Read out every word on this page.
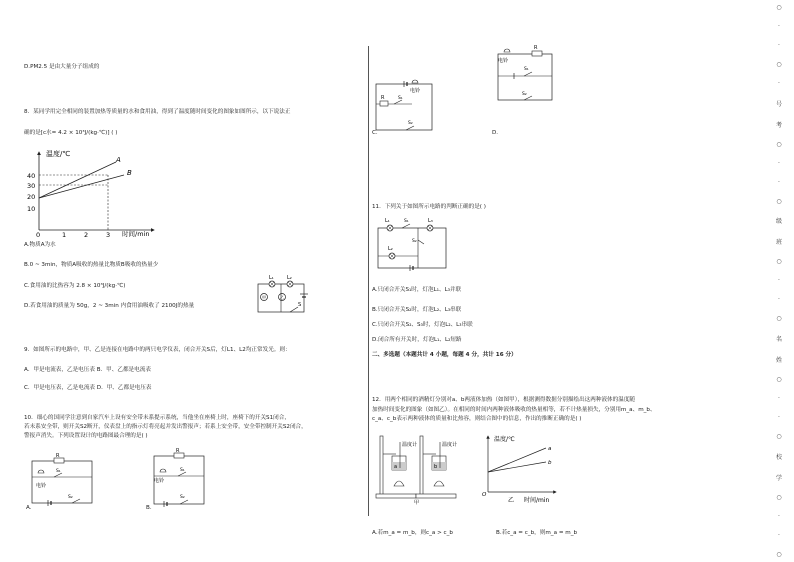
D.PM2.5 是由大量分子组成的
8．某同学用完全相同的装置加热等质量的水和食用油，得到了温度随时间变化的图象如图所示，以下说法正
确的是[c水= 4.2 × 10³J/(kg·℃)] ( )
温度/℃
时间/min
40
30
20
10
0	1	2	3
A
B
A.物质A为水
B.0 ~ 3min，物质A吸收的热量比物质B吸收的热量少
C.食用油的比热容为 2.8 × 10³J/(kg·℃)
D.若食用油的质量为 50g，2 ~ 3min 内食用油吸收了 2100J的热量
L₁	L₂
甲	乙
S
9．如图所示的电路中，甲、乙是连接在电路中的两只电学仪表，闭合开关S后，灯L1、L2均正常发光。则：
A．甲是电流表，乙是电压表 B．甲、乙都是电流表
C．甲是电压表，乙是电流表 D．甲、乙都是电压表
10．细心的国同学注意到自家汽车上设有安全带未系提示系统，当他坐在座椅上时，座椅下的开关S1闭合，
若未系安全带，则开关S2断开，仪表盘上的指示灯将亮起并发出警报声；若系上安全带，安全带控制开关S2闭合，
警报声消失。下列设置设计的电路图最合理的是( )
R
电铃
S₁
S₂
A.
R
电铃
S₁
S₂
B.
电铃
R	S₁
S₂
C.
电铃
R
S₁
S₂
D.
11．下列关于如图所示电路的判断正确的是( )
L₁	S₁	L₃
S₂
L₂
A.只闭合开关S₁时，灯泡L₁、L₃并联
B.只闭合开关S₂时，灯泡L₂、L₃串联
C.只闭合开关S₂、S₃时，灯泡L₂、L₃串联
D.闭合所有开关时，灯泡L₁、L₂短路
二、多选题（本题共计 4 小题，每题 4 分，共计 16 分）
12．用两个相同的酒精灯分别对a、b两液体加热（如图甲），根据测得数据分别描绘出这两种液体的温度随
加热时间变化的图象（如图乙）。在相同的时间内两种液体吸收的热量相等，若不计热量损失，分别用m_a、m_b、
c_a、c_b表示两种液体的质量和比热容，则结合图中的信息，作出的推断正确的是( )
温度计
a
温度计
b
甲
温度/℃
a
b
O
时间/min
乙
A.若m_a = m_b，则c_a > c_b	B.若c_a = c_b，则m_a = m_b
○
·
·
○
·
号
考
○
·
·
○
级
班
○
·
·
○
名
姓
○
·
·
○
校
学
○
·
·
○
